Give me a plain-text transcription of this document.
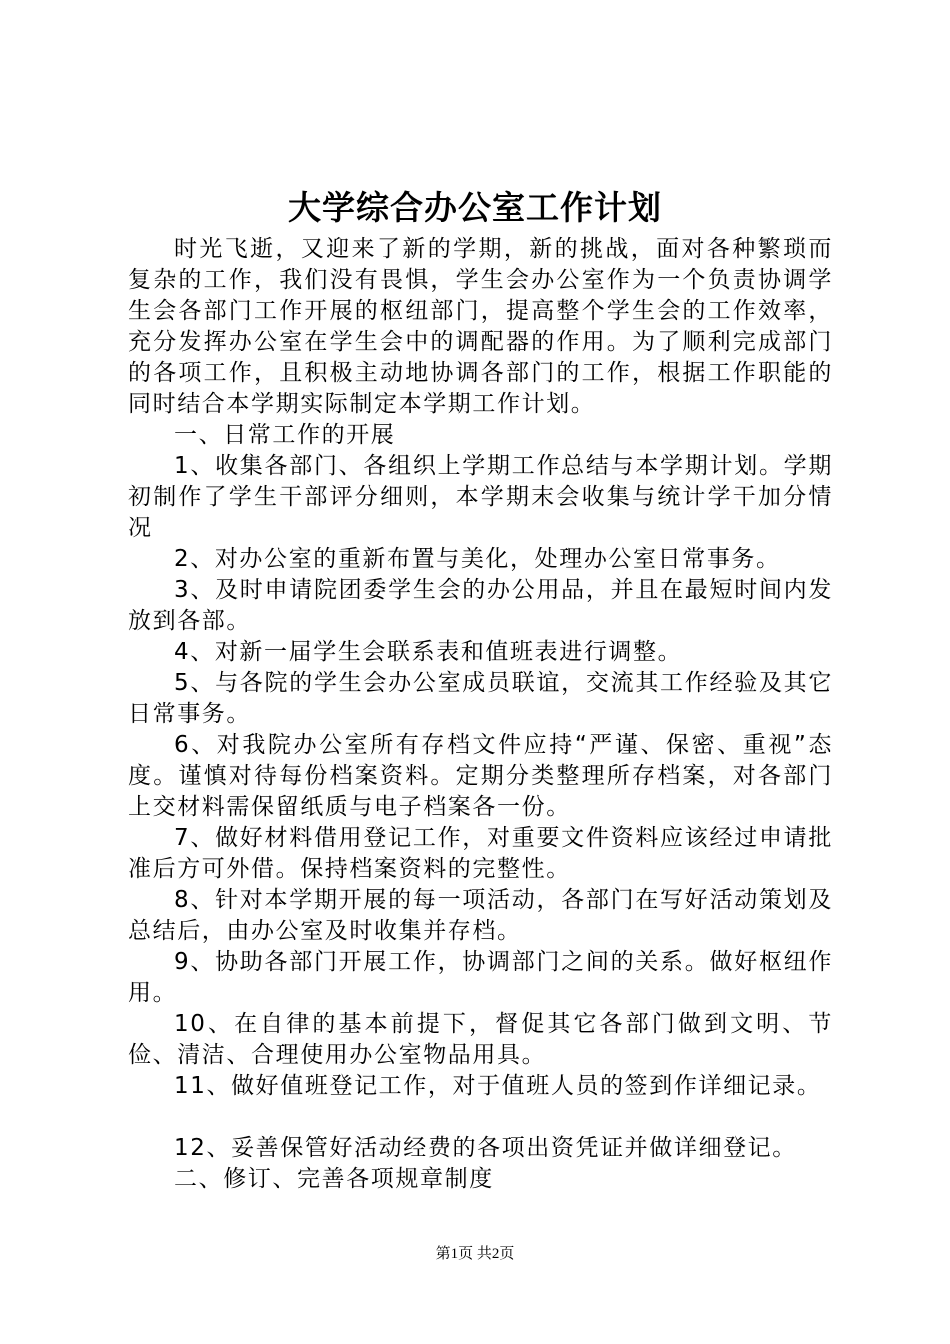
大学综合办公室工作计划

时光飞逝，又迎来了新的学期，新的挑战，面对各种繁琐而复杂的工作，我们没有畏惧，学生会办公室作为一个负责协调学生会各部门工作开展的枢纽部门，提高整个学生会的工作效率，充分发挥办公室在学生会中的调配器的作用。为了顺利完成部门的各项工作，且积极主动地协调各部门的工作，根据工作职能的同时结合本学期实际制定本学期工作计划。

一、日常工作的开展

1、收集各部门、各组织上学期工作总结与本学期计划。学期初制作了学生干部评分细则，本学期末会收集与统计学干加分情况

2、对办公室的重新布置与美化，处理办公室日常事务。

3、及时申请院团委学生会的办公用品，并且在最短时间内发放到各部。

4、对新一届学生会联系表和值班表进行调整。

5、与各院的学生会办公室成员联谊，交流其工作经验及其它日常事务。

6、对我院办公室所有存档文件应持“严谨、保密、重视”态度。谨慎对待每份档案资料。定期分类整理所存档案，对各部门上交材料需保留纸质与电子档案各一份。

7、做好材料借用登记工作，对重要文件资料应该经过申请批准后方可外借。保持档案资料的完整性。

8、针对本学期开展的每一项活动，各部门在写好活动策划及总结后，由办公室及时收集并存档。

9、协助各部门开展工作，协调部门之间的关系。做好枢纽作用。

10、在自律的基本前提下，督促其它各部门做到文明、节俭、清洁、合理使用办公室物品用具。

11、做好值班登记工作，对于值班人员的签到作详细记录。

12、妥善保管好活动经费的各项出资凭证并做详细登记。

二、修订、完善各项规章制度

第1页 共2页
